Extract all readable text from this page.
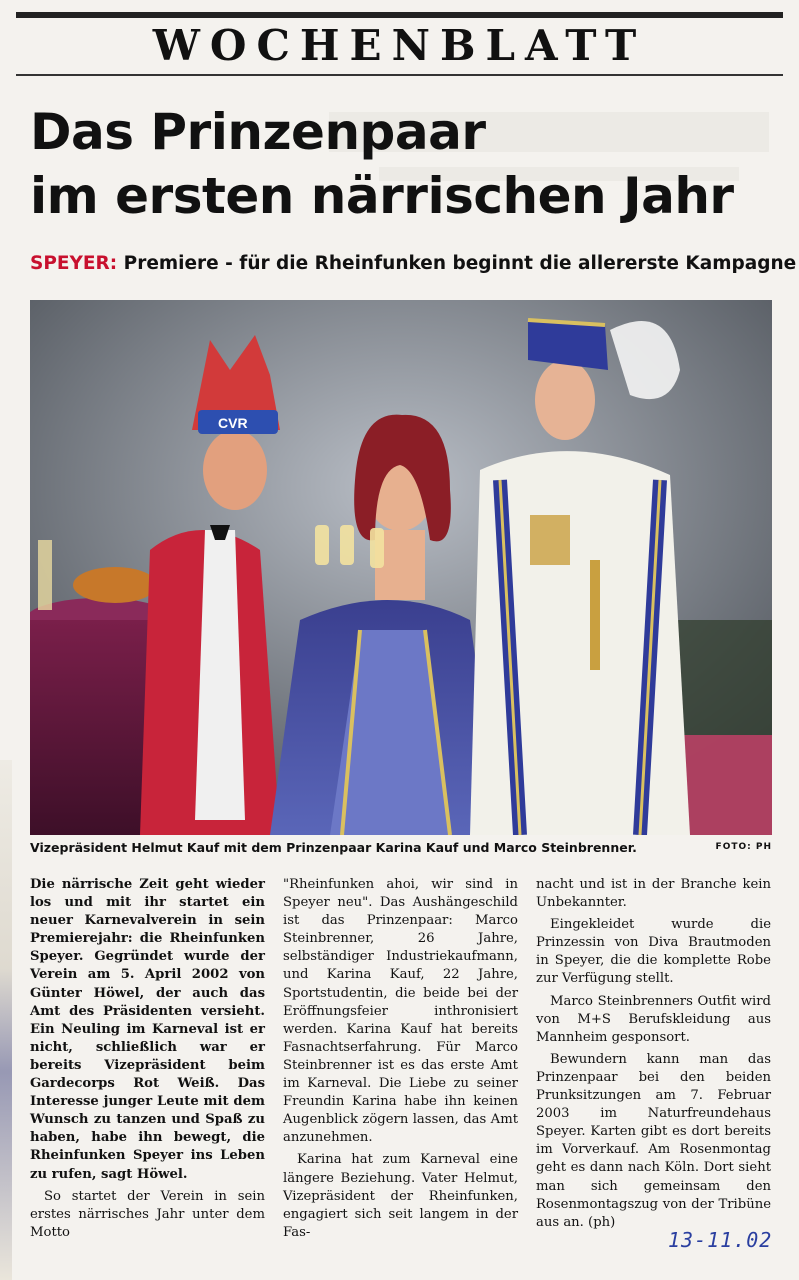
WOCHENBLATT
Das Prinzenpaar
im ersten närrischen Jahr
SPEYER: Premiere - für die Rheinfunken beginnt die allererste Kampagne
CVR
Vizepräsident Helmut Kauf mit dem Prinzenpaar Karina Kauf und Marco Steinbrenner.	FOTO: PH

Die närrische Zeit geht wieder los und mit ihr startet ein neuer Karnevalverein in sein Premierejahr: die Rheinfunken Speyer. Gegründet wurde der Verein am 5. April 2002 von Günter Höwel, der auch das Amt des Präsidenten versieht. Ein Neuling im Karneval ist er nicht, schließlich war er bereits Vizepräsident beim Gardecorps Rot Weiß. Das Interesse junger Leute mit dem Wunsch zu tanzen und Spaß zu haben, habe ihn bewegt, die Rheinfunken Speyer ins Leben zu rufen, sagt Höwel.

So startet der Verein in sein erstes närrisches Jahr unter dem Motto

"Rheinfunken ahoi, wir sind in Speyer neu". Das Aushängeschild ist das Prinzenpaar: Marco Steinbrenner, 26 Jahre, selbständiger Industriekaufmann, und Karina Kauf, 22 Jahre, Sportstudentin, die beide bei der Eröffnungsfeier inthronisiert werden. Karina Kauf hat bereits Fasnachtserfahrung. Für Marco Steinbrenner ist es das erste Amt im Karneval. Die Liebe zu seiner Freundin Karina habe ihn keinen Augenblick zögern lassen, das Amt anzunehmen.

Karina hat zum Karneval eine längere Beziehung. Vater Helmut, Vizepräsident der Rheinfunken, engagiert sich seit langem in der Fas-

nacht und ist in der Branche kein Unbekannter.

Eingekleidet wurde die Prinzessin von Diva Brautmoden in Speyer, die die komplette Robe zur Verfügung stellt.

Marco Steinbrenners Outfit wird von M+S Berufskleidung aus Mannheim gesponsort.

Bewundern kann man das Prinzenpaar bei den beiden Prunksitzungen am 7. Februar 2003 im Naturfreundehaus Speyer. Karten gibt es dort bereits im Vorverkauf. Am Rosenmontag geht es dann nach Köln. Dort sieht man sich gemeinsam den Rosenmontagszug von der Tribüne aus an. (ph)

13-11.02
